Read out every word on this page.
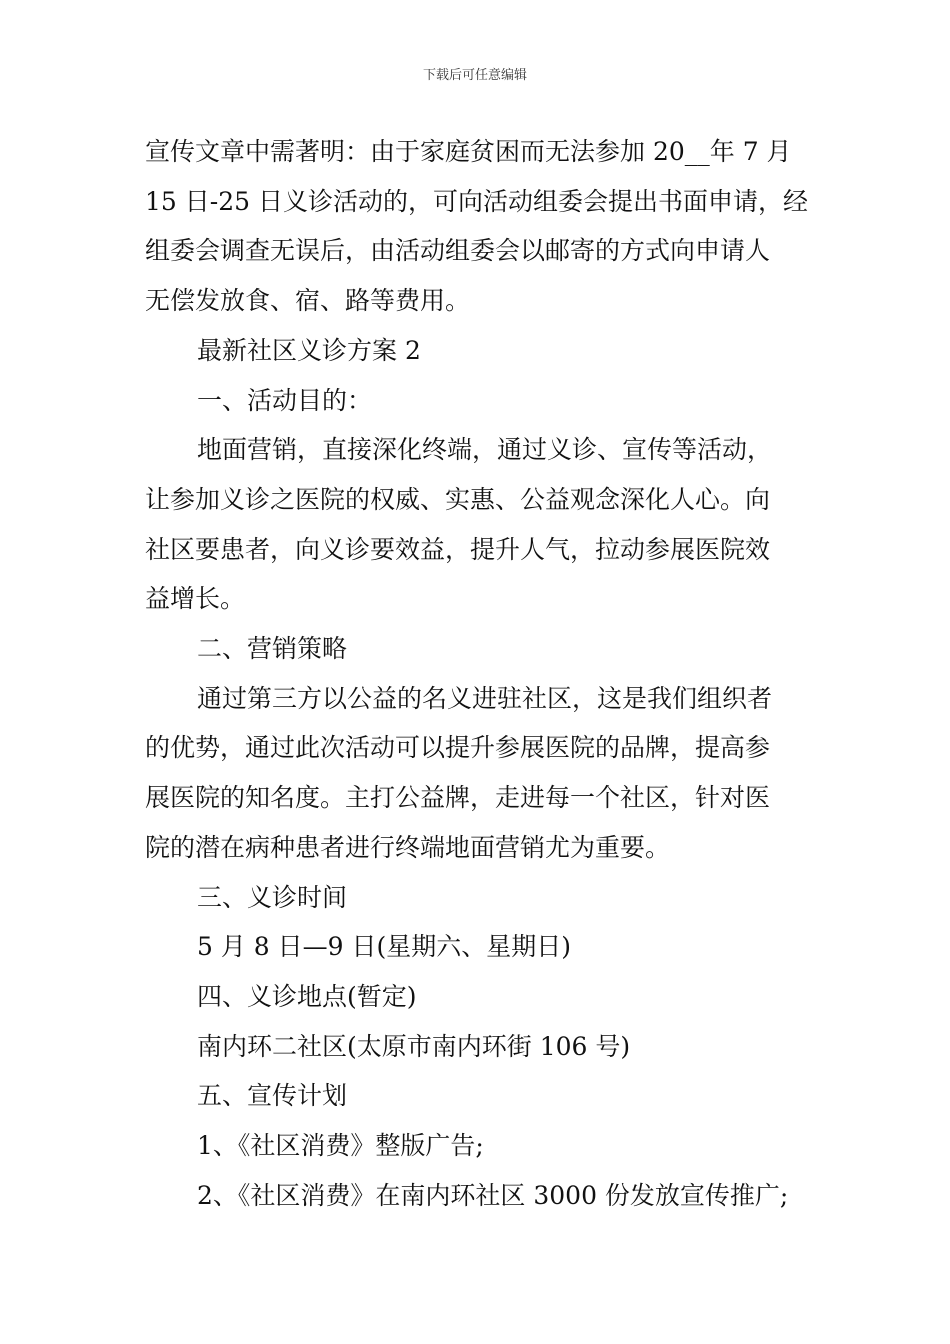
下载后可任意编辑

宣传文章中需著明：由于家庭贫困而无法参加 20__年 7 月

15 日-25 日义诊活动的，可向活动组委会提出书面申请，经

组委会调查无误后，由活动组委会以邮寄的方式向申请人

无偿发放食、宿、路等费用。

最新社区义诊方案 2

一、活动目的：

地面营销，直接深化终端，通过义诊、宣传等活动，

让参加义诊之医院的权威、实惠、公益观念深化人心。向

社区要患者，向义诊要效益，提升人气，拉动参展医院效

益增长。

二、营销策略

通过第三方以公益的名义进驻社区，这是我们组织者

的优势，通过此次活动可以提升参展医院的品牌，提高参

展医院的知名度。主打公益牌，走进每一个社区，针对医

院的潜在病种患者进行终端地面营销尤为重要。

三、义诊时间

5 月 8 日—9 日(星期六、星期日)

四、义诊地点(暂定)

南内环二社区(太原市南内环街 106 号)

五、宣传计划

1、《社区消费》整版广告;

2、《社区消费》在南内环社区 3000 份发放宣传推广;
